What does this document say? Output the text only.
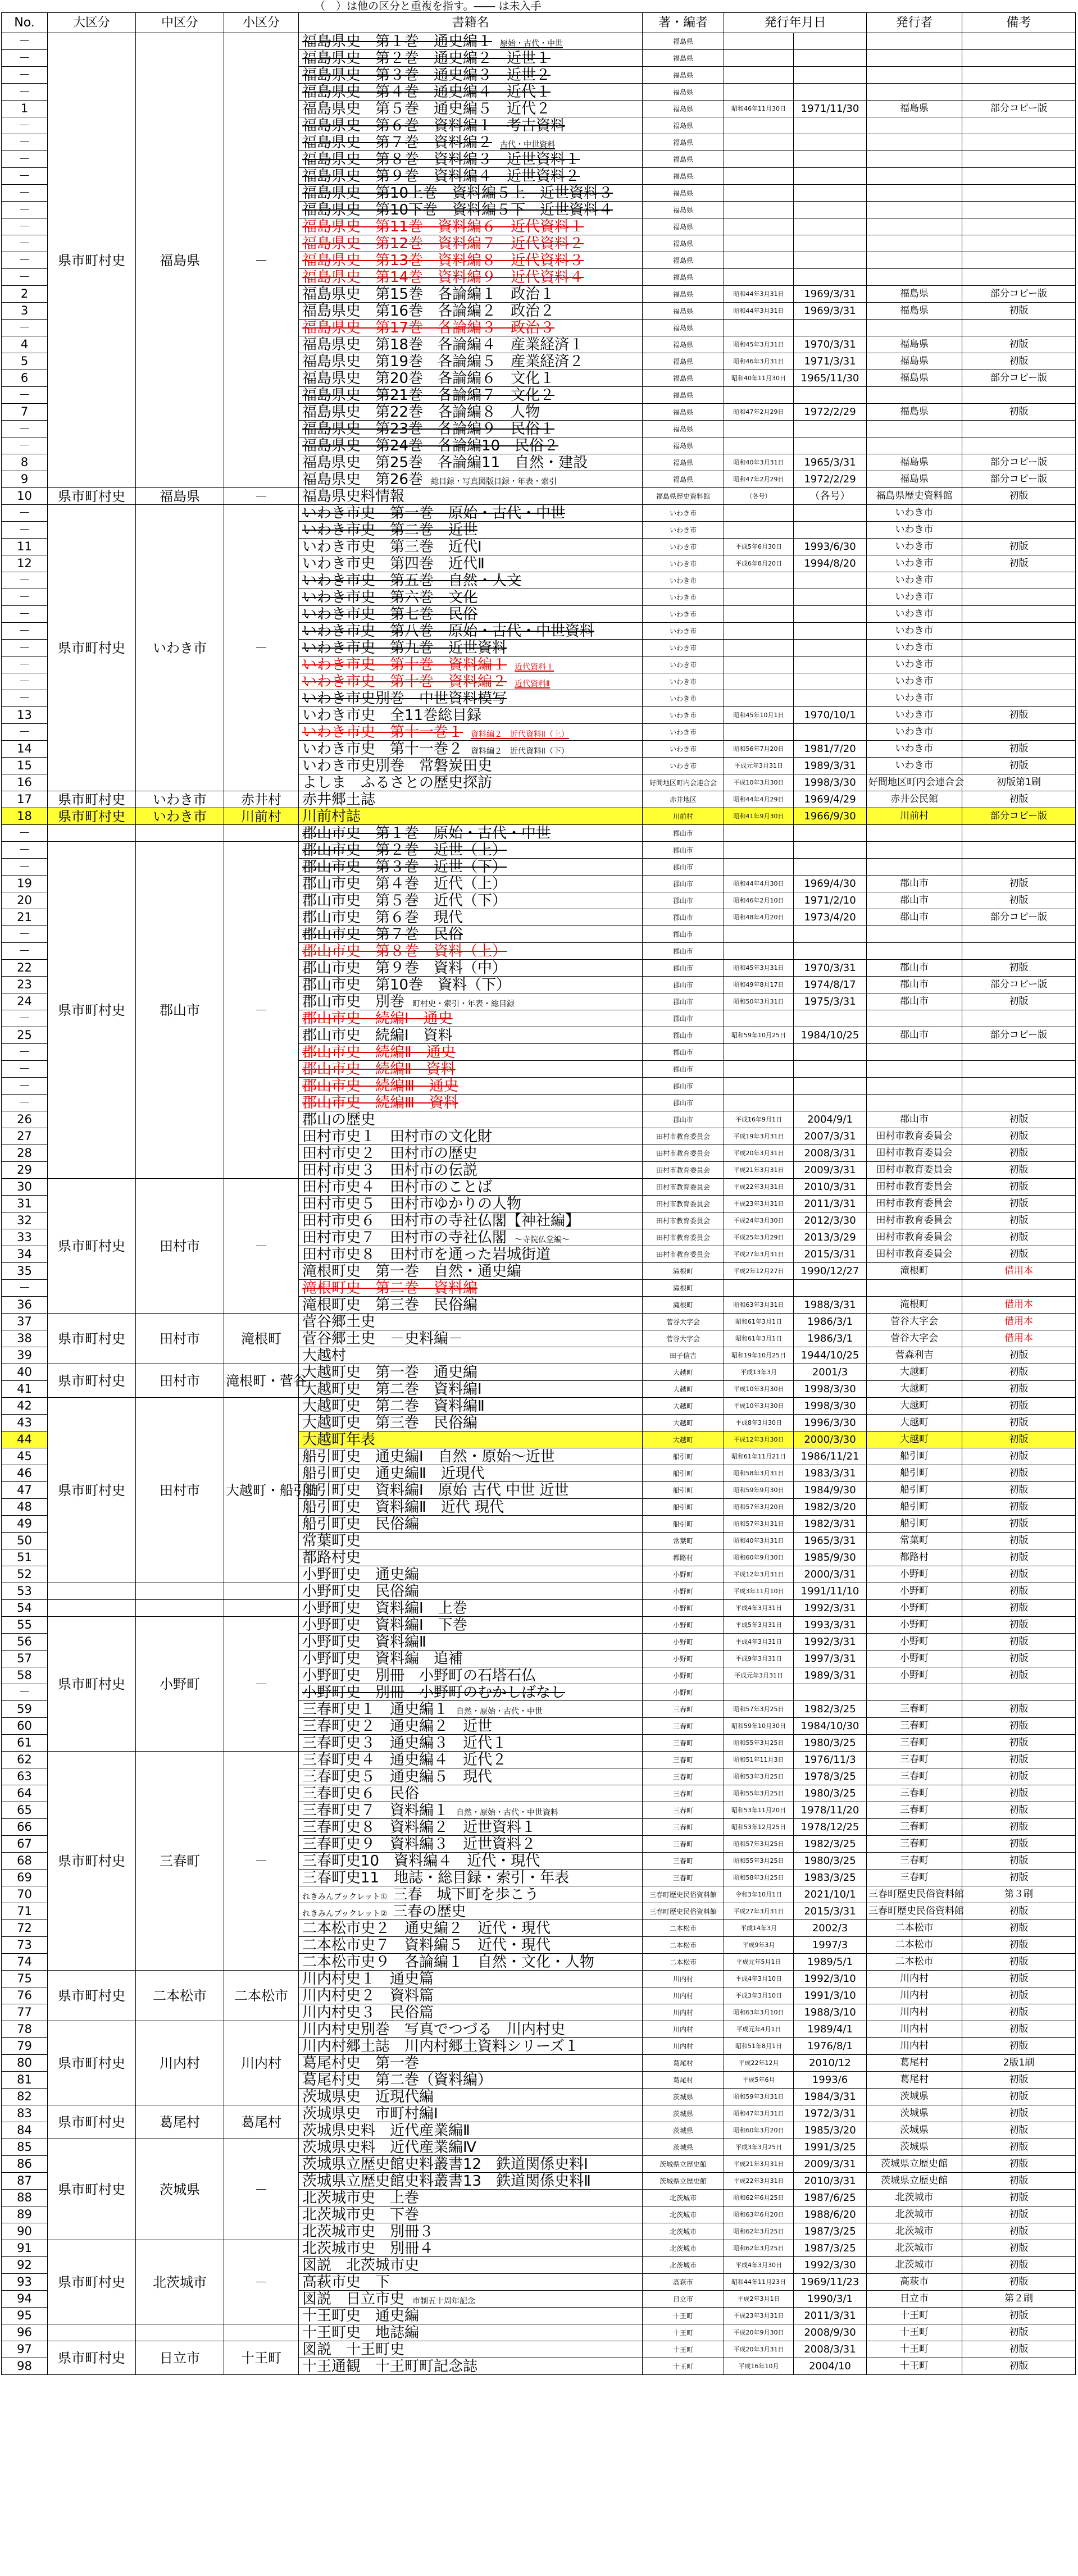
（　）は他の区分と重複を指す。―― は未入手
No.	大区分	中区分	小区分	書籍名	著・編者	発行年月日		発行者	備考
－	県市町村史	福島県	－	福島県史　第１巻　通史編１ 原始・古代・中世	福島県				
－				福島県史　第２巻　通史編２　近世１	福島県				
－				福島県史　第３巻　通史編３　近世２	福島県				
－				福島県史　第４巻　通史編４　近代１	福島県				
1				福島県史　第５巻　通史編５　近代２	福島県	昭和46年11月30日	1971/11/30	福島県	部分コピー版
－				福島県史　第６巻　資料編１　考古資料	福島県				
－				福島県史　第７巻　資料編２ 古代・中世資料	福島県				
－				福島県史　第８巻　資料編３　近世資料１	福島県				
－				福島県史　第９巻　資料編４　近世資料２	福島県				
－				福島県史　第10上巻　資料編５上　近世資料３	福島県				
－				福島県史　第10下巻　資料編５下　近世資料４	福島県				
－				福島県史　第11巻　資料編６　近代資料１	福島県				
－				福島県史　第12巻　資料編７　近代資料２	福島県				
－				福島県史　第13巻　資料編８　近代資料３	福島県				
－				福島県史　第14巻　資料編９　近代資料４	福島県				
2				福島県史　第15巻　各論編１　政治１	福島県	昭和44年3月31日	1969/3/31	福島県	部分コピー版
3				福島県史　第16巻　各論編２　政治２	福島県	昭和44年3月31日	1969/3/31	福島県	初版
－				福島県史　第17巻　各論編３　政治３	福島県				
4				福島県史　第18巻　各論編４　産業経済１	福島県	昭和45年3月31日	1970/3/31	福島県	初版
5				福島県史　第19巻　各論編５　産業経済２	福島県	昭和46年3月31日	1971/3/31	福島県	初版
6				福島県史　第20巻　各論編６　文化１	福島県	昭和40年11月30日	1965/11/30	福島県	部分コピー版
－				福島県史　第21巻　各論編７　文化２	福島県				
7				福島県史　第22巻　各論編８　人物	福島県	昭和47年2月29日	1972/2/29	福島県	初版
－				福島県史　第23巻　各論編９　民俗１	福島県				
－				福島県史　第24巻　各論編10　民俗２	福島県				
8				福島県史　第25巻　各論編11　自然・建設	福島県	昭和40年3月31日	1965/3/31	福島県	部分コピー版
9				福島県史　第26巻 総目録・写真図版目録・年表・索引	福島県	昭和47年2月29日	1972/2/29	福島県	部分コピー版
10	県市町村史	福島県	－	福島県史料情報	福島県歴史資料館	（各号）	（各号）	福島県歴史資料館	初版
－	県市町村史	いわき市	－	いわき市史　第一巻　原始・古代・中世	いわき市			いわき市	
－				いわき市史　第二巻　近世	いわき市			いわき市	
11				いわき市史　第三巻　近代Ⅰ	いわき市	平成5年6月30日	1993/6/30	いわき市	初版
12				いわき市史　第四巻　近代Ⅱ	いわき市	平成6年8月20日	1994/8/20	いわき市	初版
－				いわき市史　第五巻　自然・人文	いわき市			いわき市	
－				いわき市史　第六巻　文化	いわき市			いわき市	
－				いわき市史　第七巻　民俗	いわき市			いわき市	
－				いわき市史　第八巻　原始・古代・中世資料	いわき市			いわき市	
－				いわき市史　第九巻　近世資料	いわき市			いわき市	
－				いわき市史　第十巻　資料編１ 近代資料１	いわき市			いわき市	
－				いわき市史　第十巻　資料編２ 近代資料Ⅱ	いわき市			いわき市	
－				いわき市史別巻　中世資料模写	いわき市			いわき市	
13				いわき市史　全11巻総目録	いわき市	昭和45年10月1日	1970/10/1	いわき市	初版
－				いわき市史　第十一巻１ 資料編２　近代資料Ⅱ（上）	いわき市			いわき市	
14				いわき市史　第十一巻２ 資料編２　近代資料Ⅱ（下）	いわき市	昭和56年7月20日	1981/7/20	いわき市	初版
15				いわき市史別巻　常磐炭田史	いわき市	平成元年3月31日	1989/3/31	いわき市	初版
16				よしま　ふるさとの歴史探訪	好間地区町内会連合会	平成10年3月30日	1998/3/30	好間地区町内会連合会	初版第1刷
17	県市町村史	いわき市	赤井村	赤井郷土誌	赤井地区	昭和44年4月29日	1969/4/29	赤井公民館	初版
18	県市町村史	いわき市	川前村	川前村誌	川前村	昭和41年9月30日	1966/9/30	川前村	部分コピー版
－				郡山市史　第１巻　原始・古代・中世	郡山市				
－	県市町村史	郡山市	－	郡山市史　第２巻　近世（上）	郡山市				
－				郡山市史　第３巻　近世（下）	郡山市				
19				郡山市史　第４巻　近代（上）	郡山市	昭和44年4月30日	1969/4/30	郡山市	初版
20				郡山市史　第５巻　近代（下）	郡山市	昭和46年2月10日	1971/2/10	郡山市	初版
21				郡山市史　第６巻　現代	郡山市	昭和48年4月20日	1973/4/20	郡山市	部分コピー版
－				郡山市史　第７巻　民俗	郡山市				
－				郡山市史　第８巻　資料（上）	郡山市				
22				郡山市史　第９巻　資料（中）	郡山市	昭和45年3月31日	1970/3/31	郡山市	初版
23				郡山市史　第10巻　資料（下）	郡山市	昭和49年8月17日	1974/8/17	郡山市	部分コピー版
24				郡山市史　別巻 町村史・索引・年表・総目録	郡山市	昭和50年3月31日	1975/3/31	郡山市	初版
－				郡山市史　続編Ⅰ　通史	郡山市				
25				郡山市史　続編Ⅰ　資料	郡山市	昭和59年10月25日	1984/10/25	郡山市	部分コピー版
－				郡山市史　続編Ⅱ　通史	郡山市				
－				郡山市史　続編Ⅱ　資料	郡山市				
－				郡山市史　続編Ⅲ　通史	郡山市				
－				郡山市史　続編Ⅲ　資料	郡山市				
26				郡山の歴史	郡山市	平成16年9月1日	2004/9/1	郡山市	初版
27				田村市史１　田村市の文化財	田村市教育委員会	平成19年3月31日	2007/3/31	田村市教育委員会	初版
28				田村市史２　田村市の歴史	田村市教育委員会	平成20年3月31日	2008/3/31	田村市教育委員会	初版
29				田村市史３　田村市の伝説	田村市教育委員会	平成21年3月31日	2009/3/31	田村市教育委員会	初版
30	県市町村史	田村市	－	田村市史４　田村市のことば	田村市教育委員会	平成22年3月31日	2010/3/31	田村市教育委員会	初版
31				田村市史５　田村市ゆかりの人物	田村市教育委員会	平成23年3月31日	2011/3/31	田村市教育委員会	初版
32				田村市史６　田村市の寺社仏閣【神社編】	田村市教育委員会	平成24年3月30日	2012/3/30	田村市教育委員会	初版
33				田村市史７　田村市の寺社仏閣 ～寺院仏堂編～	田村市教育委員会	平成25年3月29日	2013/3/29	田村市教育委員会	初版
34				田村市史８　田村市を通った岩城街道	田村市教育委員会	平成27年3月31日	2015/3/31	田村市教育委員会	初版
35				滝根町史　第一巻　自然・通史編	滝根町	平成2年12月27日	1990/12/27	滝根町	借用本
－				滝根町史　第二巻　資料編	滝根町				
36				滝根町史　第三巻　民俗編	滝根町	昭和63年3月31日	1988/3/31	滝根町	借用本
37	県市町村史	田村市	滝根町	菅谷郷土史	菅谷大字会	昭和61年3月1日	1986/3/1	菅谷大字会	借用本
38				菅谷郷土史　－史料編－	菅谷大字会	昭和61年3月1日	1986/3/1	菅谷大字会	借用本
39				大越村	田子信吉	昭和19年10月25日	1944/10/25	菅森利吉	初版
40	県市町村史	田村市	滝根町・菅谷	大越町史　第一巻　通史編	大越町	平成13年3月	2001/3	大越町	初版
41				大越町史　第二巻　資料編Ⅰ	大越町	平成10年3月30日	1998/3/30	大越町	初版
42	県市町村史	田村市	大越町・船引町	大越町史　第二巻　資料編Ⅱ	大越町	平成10年3月30日	1998/3/30	大越町	初版
43				大越町史　第三巻　民俗編	大越町	平成8年3月30日	1996/3/30	大越町	初版
44				大越町年表	大越町	平成12年3月30日	2000/3/30	大越町	初版
45				船引町史　通史編Ⅰ　自然・原始～近世	船引町	昭和61年11月21日	1986/11/21	船引町	初版
46				船引町史　通史編Ⅱ　近現代	船引町	昭和58年3月31日	1983/3/31	船引町	初版
47				船引町史　資料編Ⅰ　原始 古代 中世 近世	船引町	昭和59年9月30日	1984/9/30	船引町	初版
48				船引町史　資料編Ⅱ　近代 現代	船引町	昭和57年3月20日	1982/3/20	船引町	初版
49				船引町史　民俗編	船引町	昭和57年3月31日	1982/3/31	船引町	初版
50				常葉町史	常葉町	昭和40年3月31日	1965/3/31	常葉町	初版
51				都路村史	都路村	昭和60年9月30日	1985/9/30	都路村	初版
52				小野町史　通史編	小野町	平成12年3月31日	2000/3/31	小野町	初版
53				小野町史　民俗編	小野町	平成3年11月10日	1991/11/10	小野町	初版
54				小野町史　資料編Ⅰ　上巻	小野町	平成4年3月31日	1992/3/31	小野町	初版
55	県市町村史	小野町	－	小野町史　資料編Ⅰ　下巻	小野町	平成5年3月31日	1993/3/31	小野町	初版
56				小野町史　資料編Ⅱ	小野町	平成4年3月31日	1992/3/31	小野町	初版
57				小野町史　資料編　追補	小野町	平成9年3月31日	1997/3/31	小野町	初版
58				小野町史　別冊　小野町の石塔石仏	小野町	平成元年3月31日	1989/3/31	小野町	初版
－				小野町史　別冊　小野町のむかしばなし	小野町				
59				三春町史１　通史編１ 自然・原始・古代・中世	三春町	昭和57年3月25日	1982/3/25	三春町	初版
60				三春町史２　通史編２　近世	三春町	昭和59年10月30日	1984/10/30	三春町	初版
61				三春町史３　通史編３　近代１	三春町	昭和55年3月25日	1980/3/25	三春町	初版
62	県市町村史	三春町	－	三春町史４　通史編４　近代２	三春町	昭和51年11月3日	1976/11/3	三春町	初版
63				三春町史５　通史編５　現代	三春町	昭和53年3月25日	1978/3/25	三春町	初版
64				三春町史６　民俗	三春町	昭和55年3月25日	1980/3/25	三春町	初版
65				三春町史７　資料編１ 自然・原始・古代・中世資料	三春町	昭和53年11月20日	1978/11/20	三春町	初版
66				三春町史８　資料編２　近世資料１	三春町	昭和53年12月25日	1978/12/25	三春町	初版
67				三春町史９　資料編３　近世資料２	三春町	昭和57年3月25日	1982/3/25	三春町	初版
68				三春町史10　資料編４　近代・現代	三春町	昭和55年3月25日	1980/3/25	三春町	初版
69				三春町史11　地誌・総目録・索引・年表	三春町	昭和58年3月25日	1983/3/25	三春町	初版
70				れきみんブックレット① 三春　城下町を歩こう	三春町歴史民俗資料館	令和3年10月1日	2021/10/1	三春町歴史民俗資料館	第３刷
71				れきみんブックレット② 三春の歴史	三春町歴史民俗資料館	平成27年3月31日	2015/3/31	三春町歴史民俗資料館	初版
72				二本松市史２　通史編２　近代・現代	二本松市	平成14年3月	2002/3	二本松市	初版
73				二本松市史７　資料編５　近代・現代	二本松市	平成9年3月	1997/3	二本松市	初版
74				二本松市史９　各論編１　自然・文化・人物	二本松市	平成元年5月1日	1989/5/1	二本松市	初版
75	県市町村史	二本松市	二本松市	川内村史１　通史篇	川内村	平成4年3月10日	1992/3/10	川内村	初版
76				川内村史２　資料篇	川内村	平成3年3月10日	1991/3/10	川内村	初版
77				川内村史３　民俗篇	川内村	昭和63年3月10日	1988/3/10	川内村	初版
78	県市町村史	川内村	川内村	川内村史別巻　写真でつづる　川内村史	川内村	平成元年4月1日	1989/4/1	川内村	初版
79				川内村郷土誌　川内村郷土資料シリーズ１	川内村	昭和51年8月1日	1976/8/1	川内村	初版
80				葛尾村史　第一巻	葛尾村	平成22年12月	2010/12	葛尾村	2版1刷
81				葛尾村史　第二巻（資料編）	葛尾村	平成5年6月	1993/6	葛尾村	初版
82				茨城県史　近現代編	茨城県	昭和59年3月31日	1984/3/31	茨城県	初版
83	県市町村史	葛尾村	葛尾村	茨城県史　市町村編Ⅰ	茨城県	昭和47年3月31日	1972/3/31	茨城県	初版
84				茨城県史料　近代産業編Ⅱ	茨城県	昭和60年3月20日	1985/3/20	茨城県	初版
85	県市町村史	茨城県	－	茨城県史料　近代産業編Ⅳ	茨城県	平成3年3月25日	1991/3/25	茨城県	初版
86				茨城県立歴史館史料叢書12　鉄道関係史料Ⅰ	茨城県立歴史館	平成21年3月31日	2009/3/31	茨城県立歴史館	初版
87				茨城県立歴史館史料叢書13　鉄道関係史料Ⅱ	茨城県立歴史館	平成22年3月31日	2010/3/31	茨城県立歴史館	初版
88				北茨城市史　上巻	北茨城市	昭和62年6月25日	1987/6/25	北茨城市	初版
89				北茨城市史　下巻	北茨城市	昭和63年6月20日	1988/6/20	北茨城市	初版
90				北茨城市史　別冊３	北茨城市	昭和62年3月25日	1987/3/25	北茨城市	初版
91	県市町村史	北茨城市	－	北茨城市史　別冊４	北茨城市	昭和62年3月25日	1987/3/25	北茨城市	初版
92				図説　北茨城市史	北茨城市	平成4年3月30日	1992/3/30	北茨城市	初版
93				高萩市史　下	高萩市	昭和44年11月23日	1969/11/23	高萩市	初版
94				図説　日立市史 市制五十周年記念	日立市	平成2年3月1日	1990/3/1	日立市	第２刷
95				十王町史　通史編	十王町	平成23年3月31日	2011/3/31	十王町	初版
96				十王町史　地誌編	十王町	平成20年9月30日	2008/9/30	十王町	初版
97	県市町村史	日立市	十王町	図説　十王町史	十王町	平成20年3月31日	2008/3/31	十王町	初版
98				十王通観　十王町町記念誌	十王町	平成16年10月	2004/10	十王町	初版
